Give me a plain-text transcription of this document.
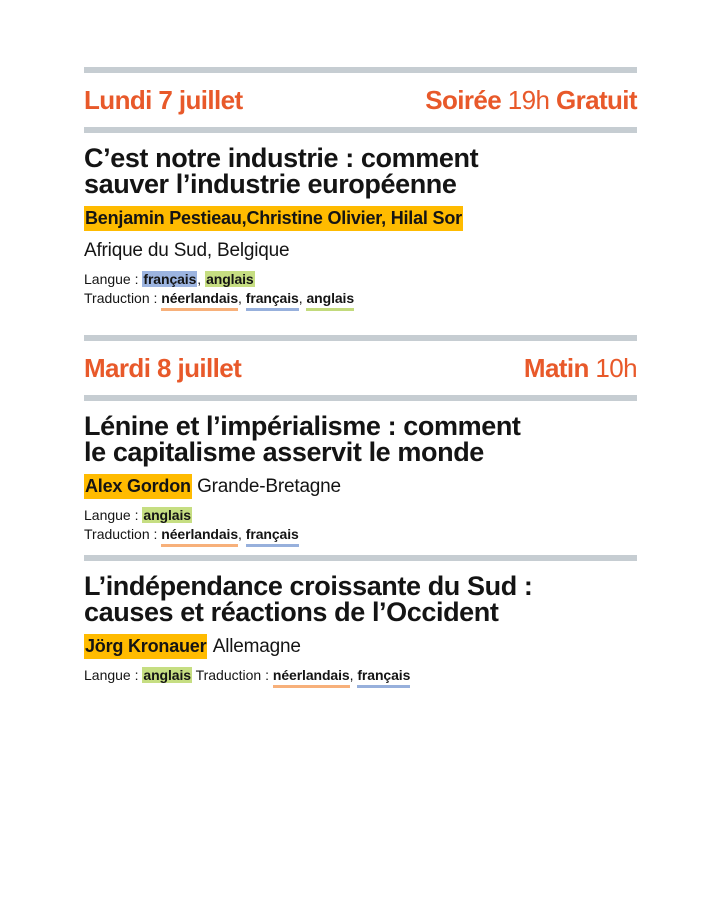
Lundi 7 juillet	Soirée 19h Gratuit
C’est notre industrie : comment
sauver l’industrie européenne
Benjamin Pestieau,Christine Olivier, Hilal Sor
Afrique du Sud, Belgique
Langue : français, anglais
Traduction : néerlandais, français, anglais
Mardi 8 juillet	Matin 10h
Lénine et l’impérialisme : comment
le capitalisme asservit le monde
Alex Gordon Grande-Bretagne
Langue : anglais
Traduction : néerlandais, français
L’indépendance croissante du Sud :
causes et réactions de l’Occident
Jörg Kronauer Allemagne
Langue : anglais Traduction : néerlandais, français
